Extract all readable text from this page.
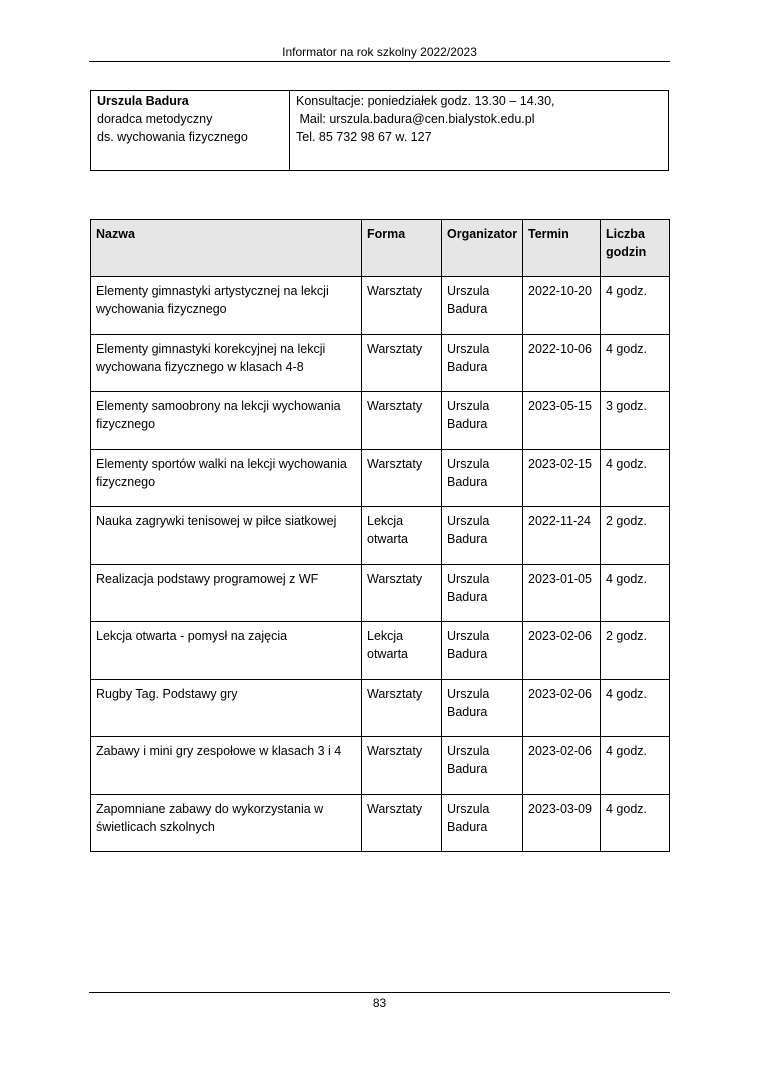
Informator na rok szkolny 2022/2023
Urszula Badura
doradca metodyczny
ds. wychowania fizycznego
Konsultacje: poniedziałek godz. 13.30 – 14.30,
Mail: urszula.badura@cen.bialystok.edu.pl
Tel. 85 732 98 67 w. 127
Nazwa	Forma	Organizator	Termin	Liczba godzin
Elementy gimnastyki artystycznej na lekcji wychowania fizycznego	Warsztaty	Urszula Badura	2022-10-20	4 godz.
Elementy gimnastyki korekcyjnej na lekcji wychowana fizycznego w klasach 4-8	Warsztaty	Urszula Badura	2022-10-06	4 godz.
Elementy samoobrony na lekcji wychowania fizycznego	Warsztaty	Urszula Badura	2023-05-15	3 godz.
Elementy sportów walki na lekcji wychowania fizycznego	Warsztaty	Urszula Badura	2023-02-15	4 godz.
Nauka zagrywki tenisowej w piłce siatkowej	Lekcja otwarta	Urszula Badura	2022-11-24	2 godz.
Realizacja podstawy programowej z WF	Warsztaty	Urszula Badura	2023-01-05	4 godz.
Lekcja otwarta - pomysł na zajęcia	Lekcja otwarta	Urszula Badura	2023-02-06	2 godz.
Rugby Tag. Podstawy gry	Warsztaty	Urszula Badura	2023-02-06	4 godz.
Zabawy i mini gry zespołowe w klasach 3 i 4	Warsztaty	Urszula Badura	2023-02-06	4 godz.
Zapomniane zabawy do wykorzystania w świetlicach szkolnych	Warsztaty	Urszula Badura	2023-03-09	4 godz.
83
